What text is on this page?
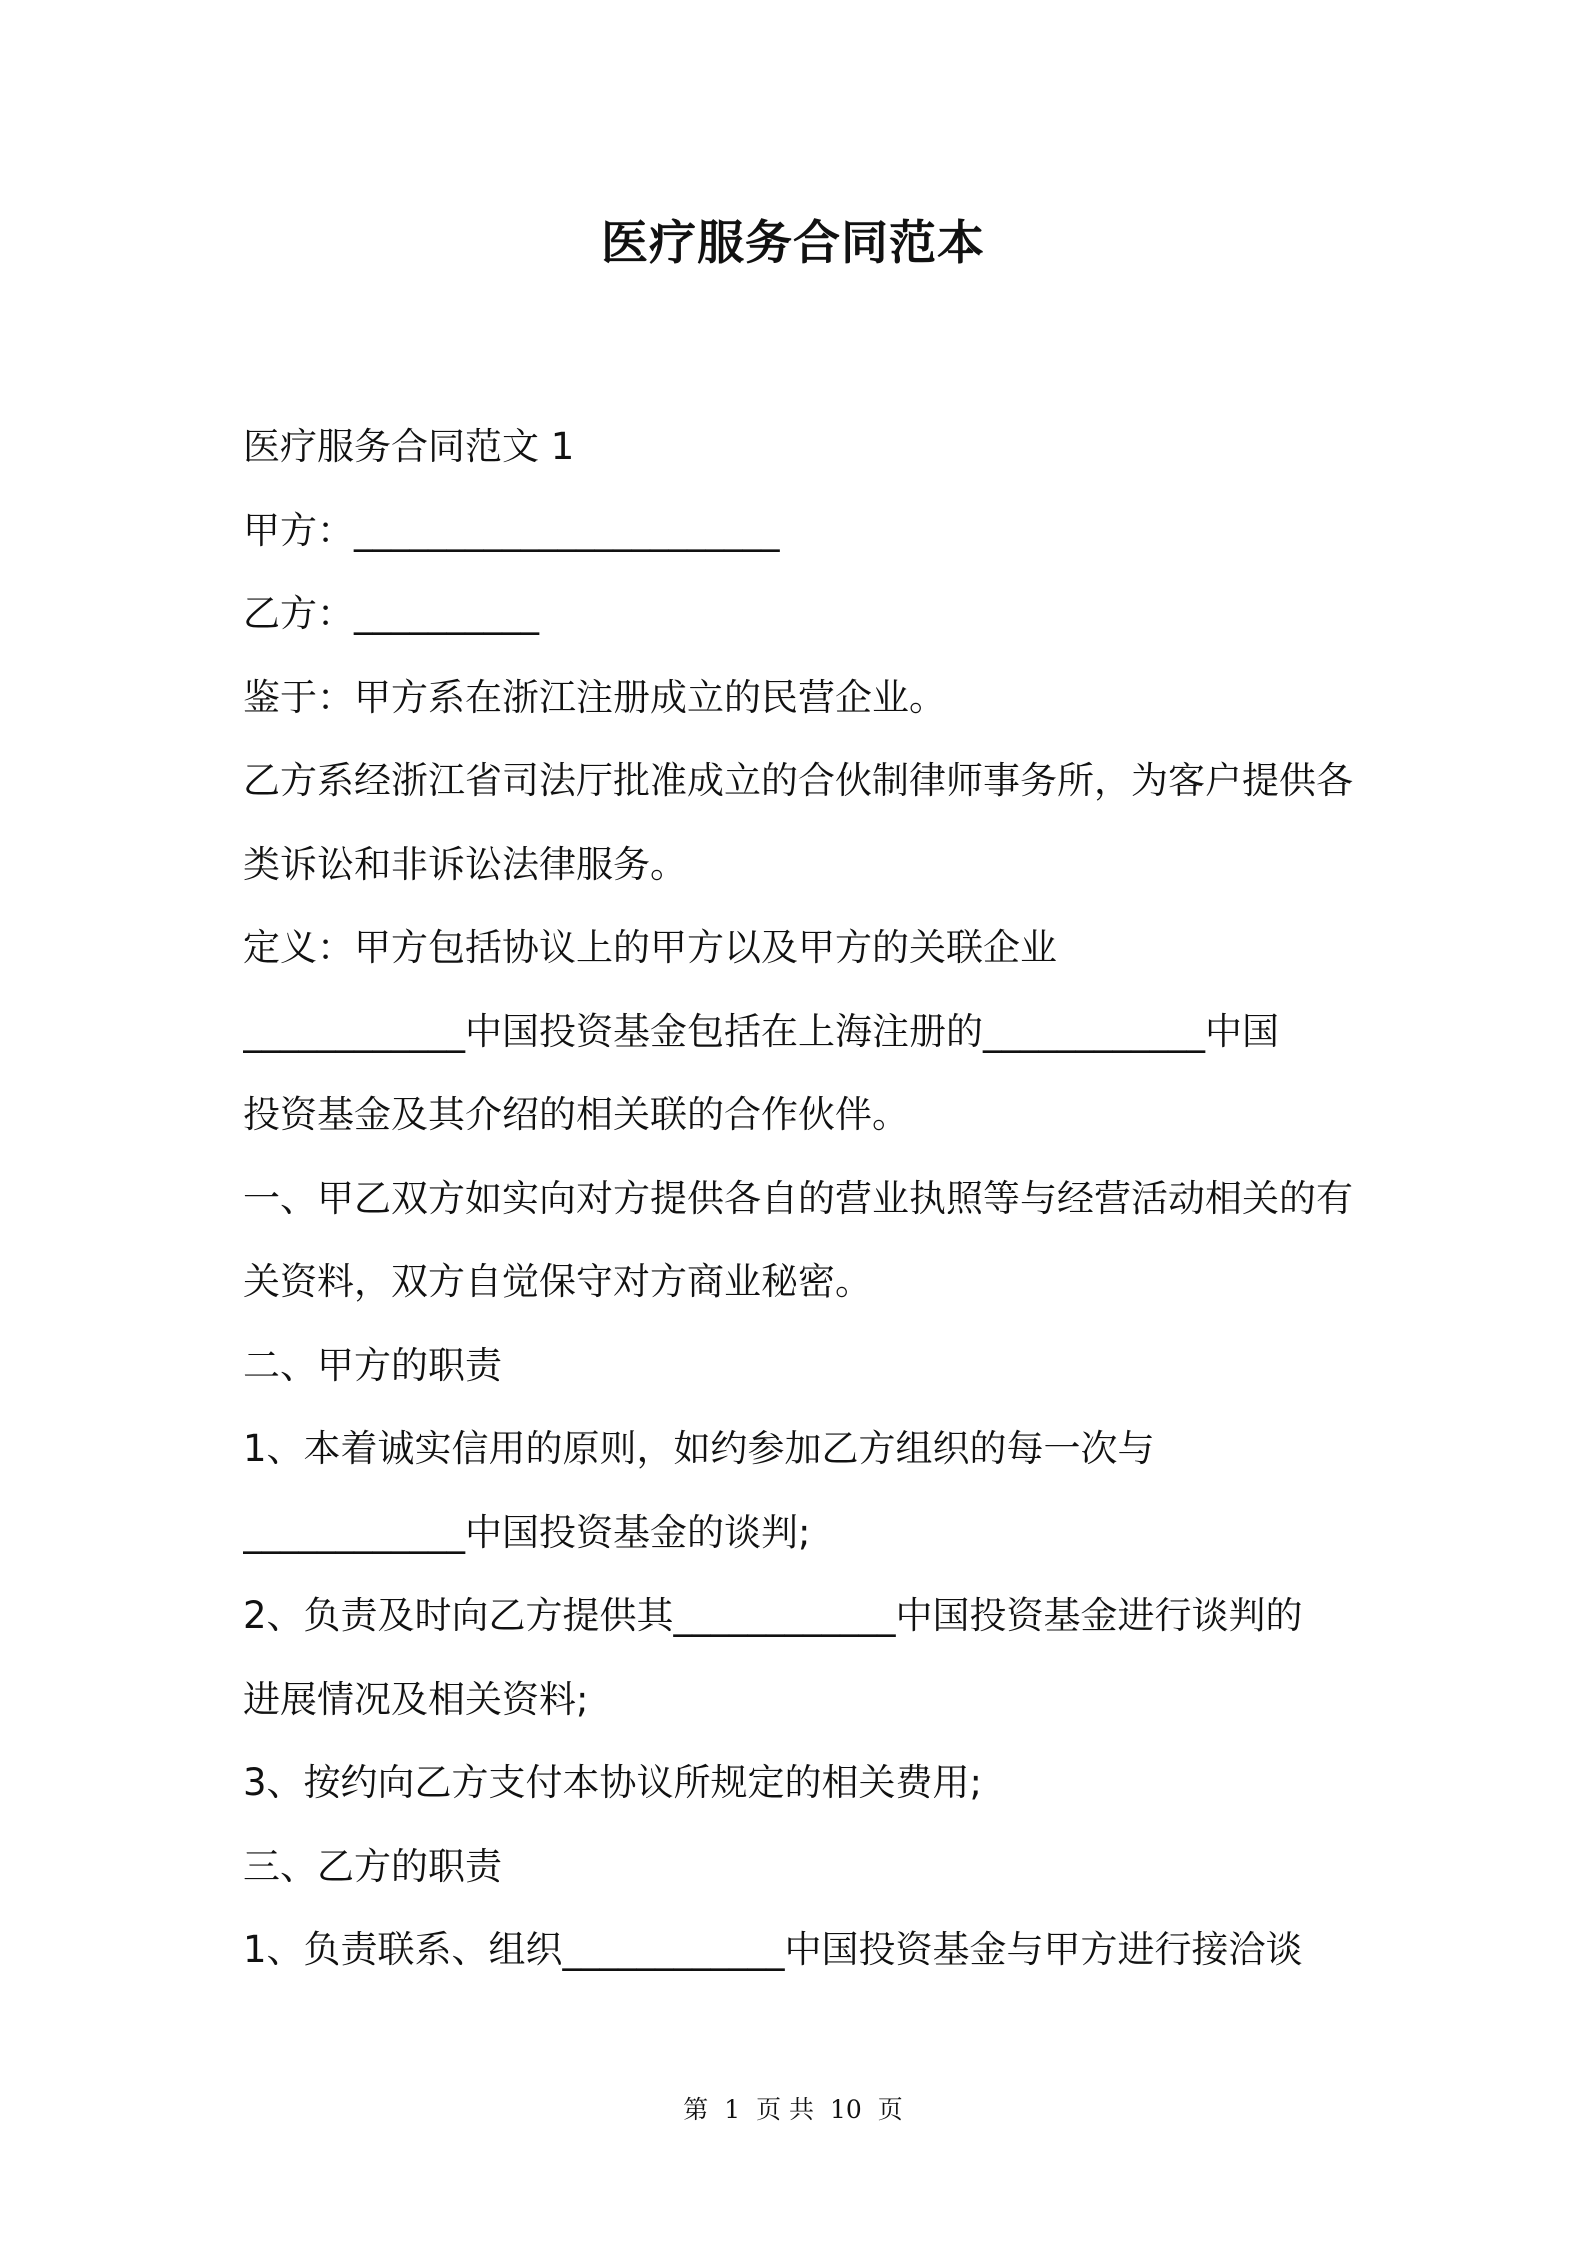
医疗服务合同范本
医疗服务合同范文 1
甲方：_______________________
乙方：__________
鉴于：甲方系在浙江注册成立的民营企业。
乙方系经浙江省司法厅批准成立的合伙制律师事务所，为客户提供各
类诉讼和非诉讼法律服务。
定义：甲方包括协议上的甲方以及甲方的关联企业
____________中国投资基金包括在上海注册的____________中国
投资基金及其介绍的相关联的合作伙伴。
一、甲乙双方如实向对方提供各自的营业执照等与经营活动相关的有
关资料，双方自觉保守对方商业秘密。
二、甲方的职责
1、本着诚实信用的原则，如约参加乙方组织的每一次与
____________中国投资基金的谈判;
2、负责及时向乙方提供其____________中国投资基金进行谈判的
进展情况及相关资料;
3、按约向乙方支付本协议所规定的相关费用;
三、乙方的职责
1、负责联系、组织____________中国投资基金与甲方进行接洽谈
第 1 页 共 10 页
